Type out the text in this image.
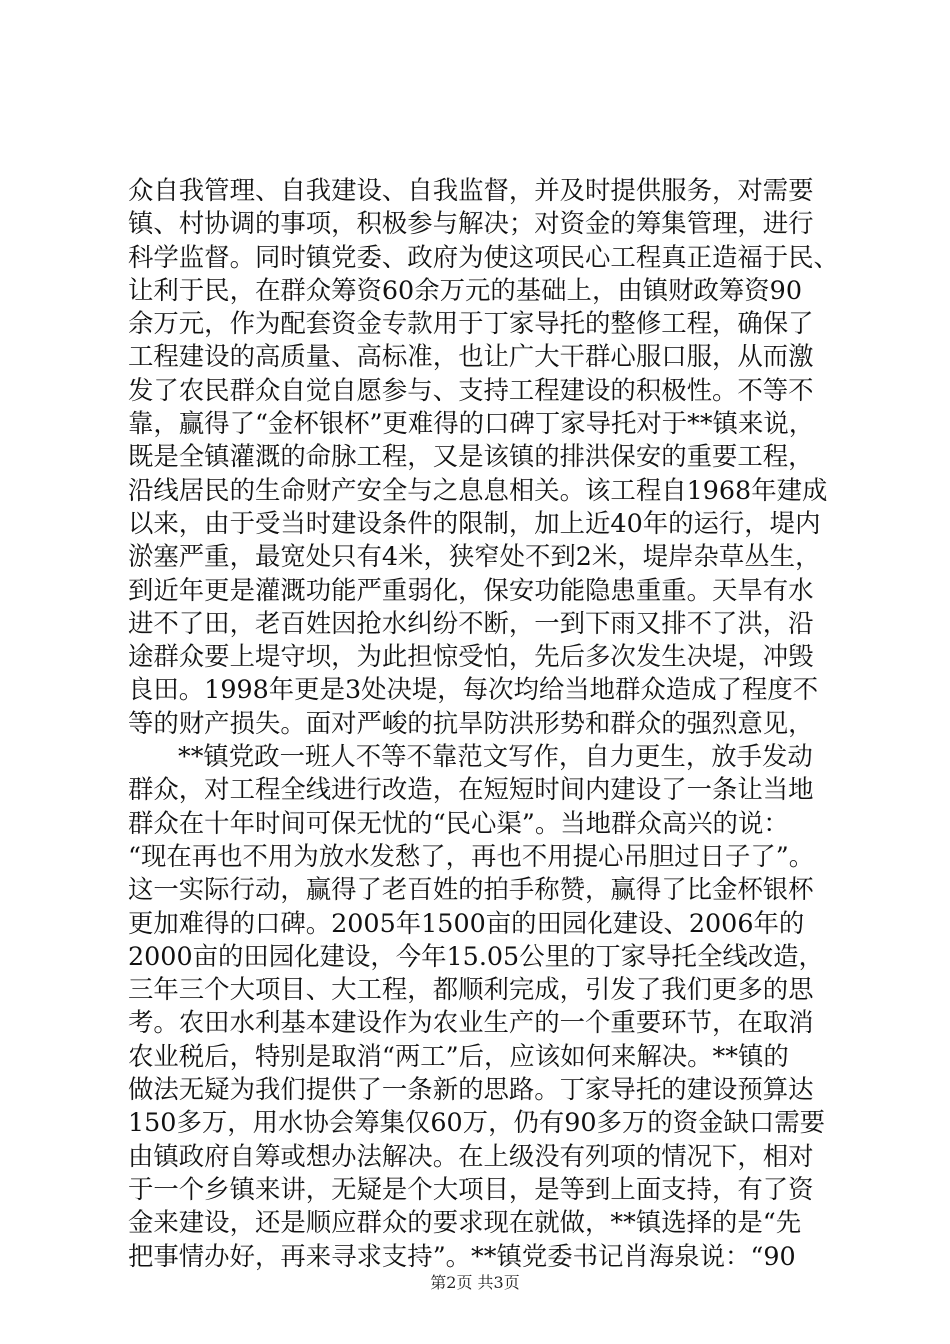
众自我管理、自我建设、自我监督，并及时提供服务，对需要
镇、村协调的事项，积极参与解决；对资金的筹集管理，进行
科学监督。同时镇党委、政府为使这项民心工程真正造福于民、
让利于民，在群众筹资60余万元的基础上，由镇财政筹资90
余万元，作为配套资金专款用于丁家导托的整修工程，确保了
工程建设的高质量、高标准，也让广大干群心服口服，从而激
发了农民群众自觉自愿参与、支持工程建设的积极性。不等不
靠，赢得了“金杯银杯”更难得的口碑丁家导托对于**镇来说，
既是全镇灌溉的命脉工程，又是该镇的排洪保安的重要工程，
沿线居民的生命财产安全与之息息相关。该工程自1968年建成
以来，由于受当时建设条件的限制，加上近40年的运行，堤内
淤塞严重，最宽处只有4米，狭窄处不到2米，堤岸杂草丛生，
到近年更是灌溉功能严重弱化，保安功能隐患重重。天旱有水
进不了田，老百姓因抢水纠纷不断，一到下雨又排不了洪，沿
途群众要上堤守坝，为此担惊受怕，先后多次发生决堤，冲毁
良田。1998年更是3处决堤，每次均给当地群众造成了程度不
等的财产损失。面对严峻的抗旱防洪形势和群众的强烈意见，
**镇党政一班人不等不靠范文写作，自力更生，放手发动
群众，对工程全线进行改造，在短短时间内建设了一条让当地
群众在十年时间可保无忧的“民心渠”。当地群众高兴的说：
“现在再也不用为放水发愁了，再也不用提心吊胆过日子了”。
这一实际行动，赢得了老百姓的拍手称赞，赢得了比金杯银杯
更加难得的口碑。2005年1500亩的田园化建设、2006年的
2000亩的田园化建设，今年15.05公里的丁家导托全线改造，
三年三个大项目、大工程，都顺利完成，引发了我们更多的思
考。农田水利基本建设作为农业生产的一个重要环节，在取消
农业税后，特别是取消“两工”后，应该如何来解决。**镇的
做法无疑为我们提供了一条新的思路。丁家导托的建设预算达
150多万，用水协会筹集仅60万，仍有90多万的资金缺口需要
由镇政府自筹或想办法解决。在上级没有列项的情况下，相对
于一个乡镇来讲，无疑是个大项目，是等到上面支持，有了资
金来建设，还是顺应群众的要求现在就做，**镇选择的是“先
把事情办好，再来寻求支持”。**镇党委书记肖海泉说：“90
第2页 共3页
